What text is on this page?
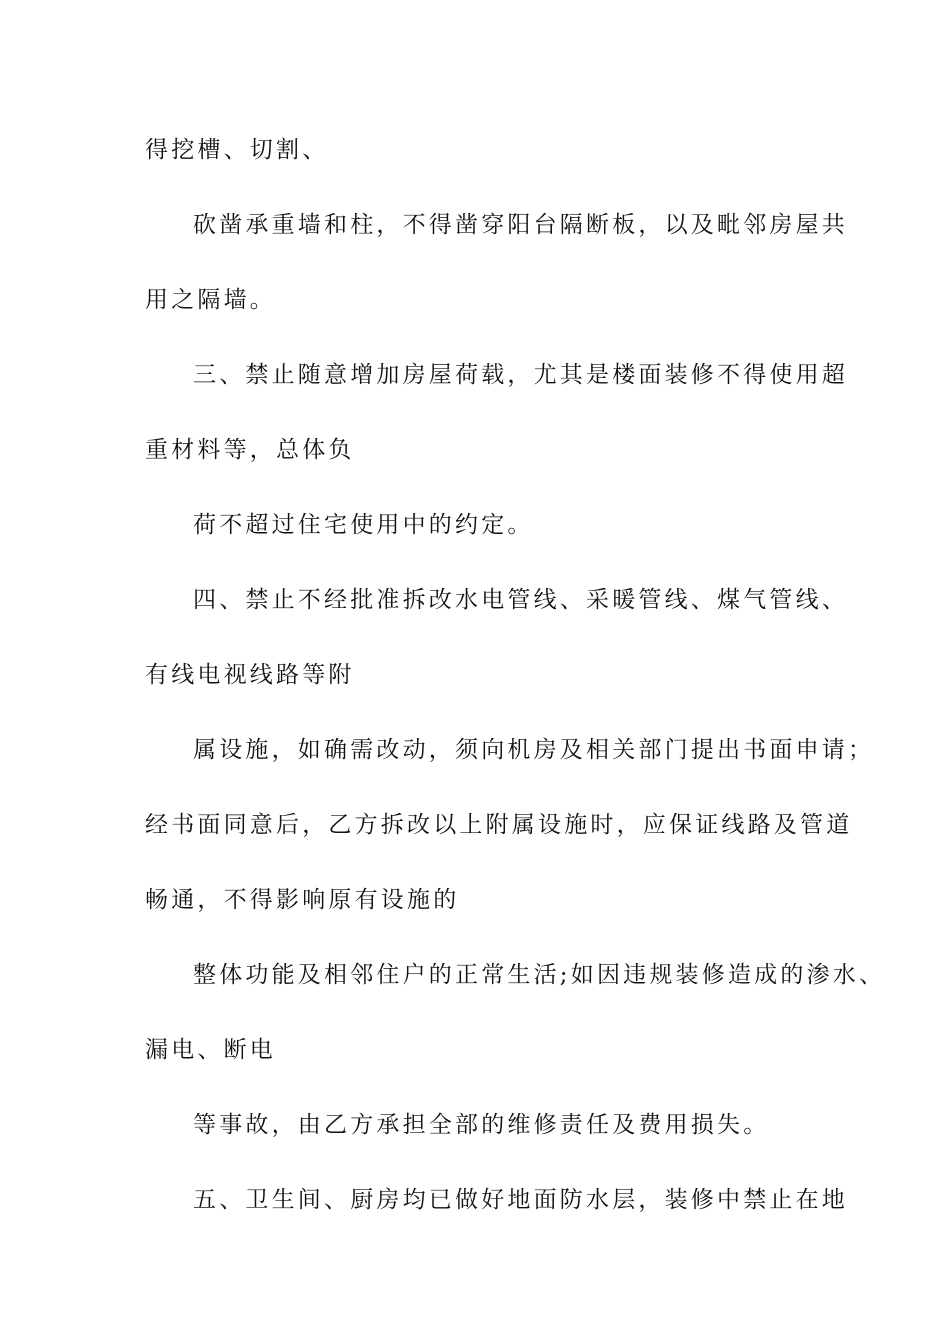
得挖槽、切割、
砍凿承重墙和柱，不得凿穿阳台隔断板，以及毗邻房屋共
用之隔墙。
三、禁止随意增加房屋荷载，尤其是楼面装修不得使用超
重材料等，总体负
荷不超过住宅使用中的约定。
四、禁止不经批准拆改水电管线、采暖管线、煤气管线、
有线电视线路等附
属设施，如确需改动，须向机房及相关部门提出书面申请；
经书面同意后，乙方拆改以上附属设施时，应保证线路及管道
畅通，不得影响原有设施的
整体功能及相邻住户的正常生活;如因违规装修造成的渗水、
漏电、断电
等事故，由乙方承担全部的维修责任及费用损失。
五、卫生间、厨房均已做好地面防水层，装修中禁止在地
